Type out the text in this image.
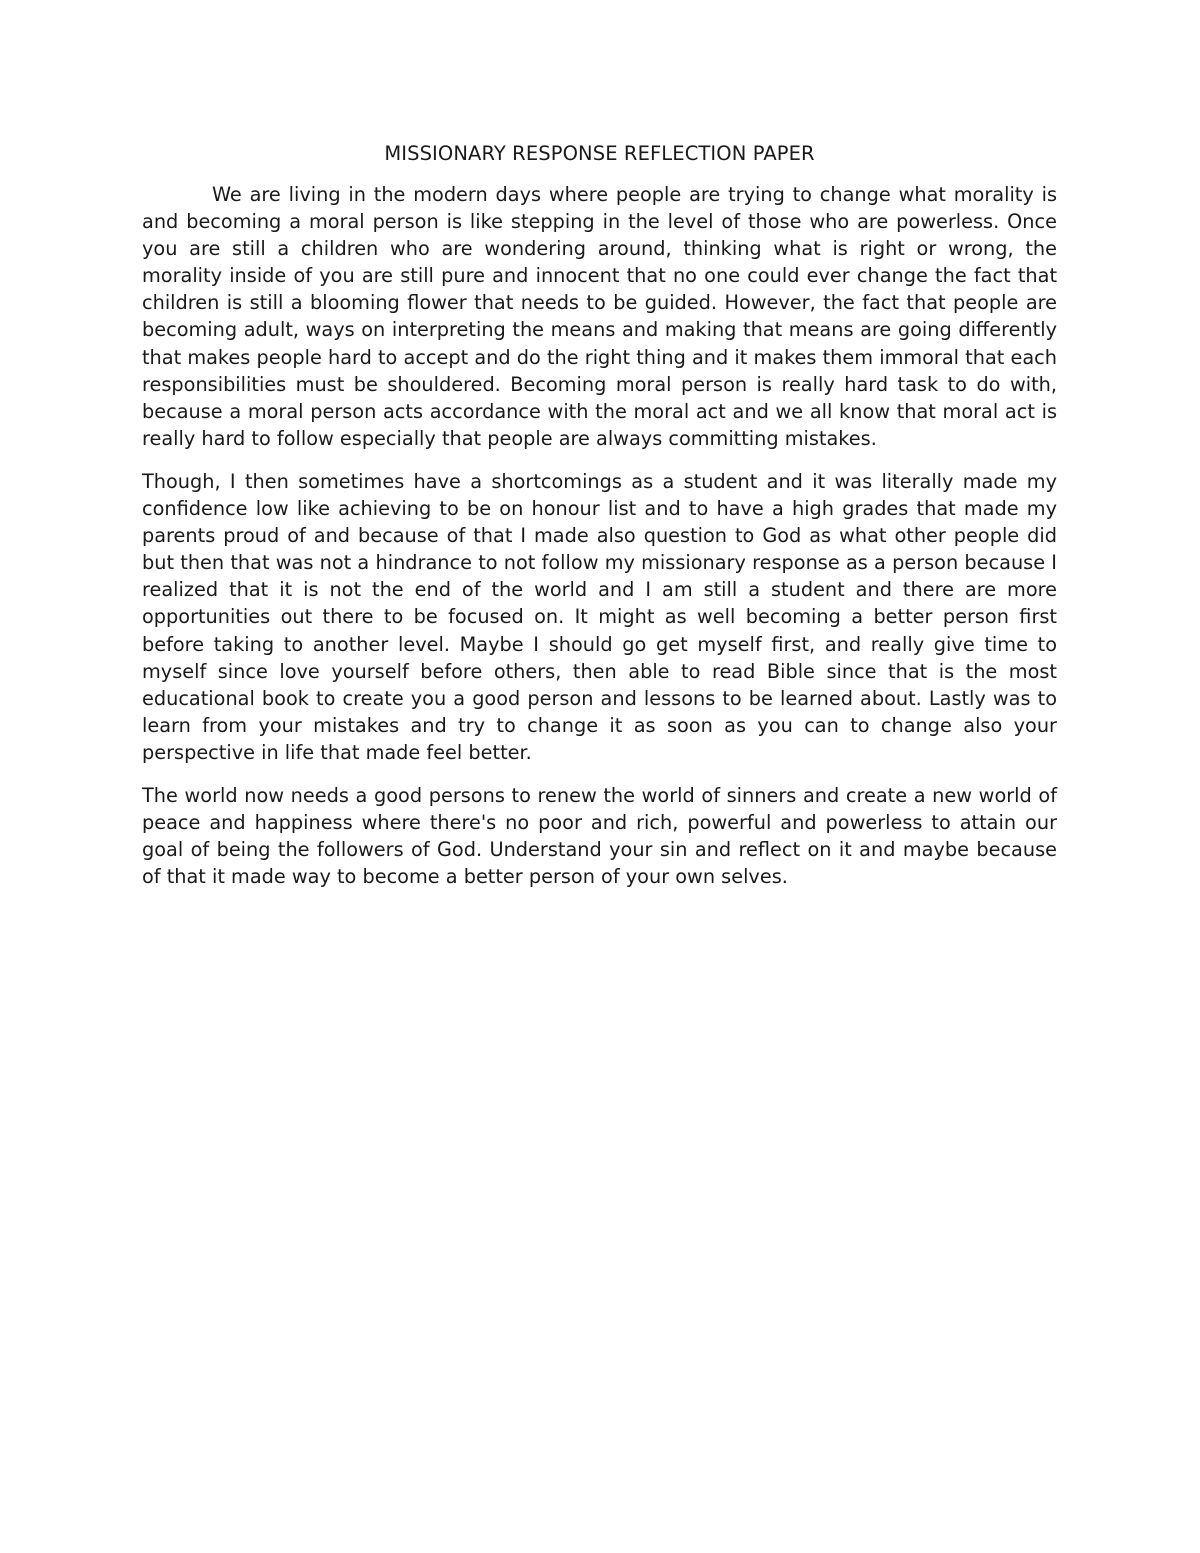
MISSIONARY RESPONSE REFLECTION PAPER

We are living in the modern days where people are trying to change what morality is and becoming a moral person is like stepping in the level of those who are powerless. Once you are still a children who are wondering around, thinking what is right or wrong, the morality inside of you are still pure and innocent that no one could ever change the fact that children is still a blooming flower that needs to be guided. However, the fact that people are becoming adult, ways on interpreting the means and making that means are going differently that makes people hard to accept and do the right thing and it makes them immoral that each responsibilities must be shouldered. Becoming moral person is really hard task to do with, because a moral person acts accordance with the moral act and we all know that moral act is really hard to follow especially that people are always committing mistakes.

Though, I then sometimes have a shortcomings as a student and it was literally made my confidence low like achieving to be on honour list and to have a high grades that made my parents proud of and because of that I made also question to God as what other people did but then that was not a hindrance to not follow my missionary response as a person because I realized that it is not the end of the world and I am still a student and there are more opportunities out there to be focused on. It might as well becoming a better person first before taking to another level. Maybe I should go get myself first, and really give time to myself since love yourself before others, then able to read Bible since that is the most educational book to create you a good person and lessons to be learned about. Lastly was to learn from your mistakes and try to change it as soon as you can to change also your perspective in life that made feel better.

The world now needs a good persons to renew the world of sinners and create a new world of peace and happiness where there's no poor and rich, powerful and powerless to attain our goal of being the followers of God. Understand your sin and reflect on it and maybe because of that it made way to become a better person of your own selves.
